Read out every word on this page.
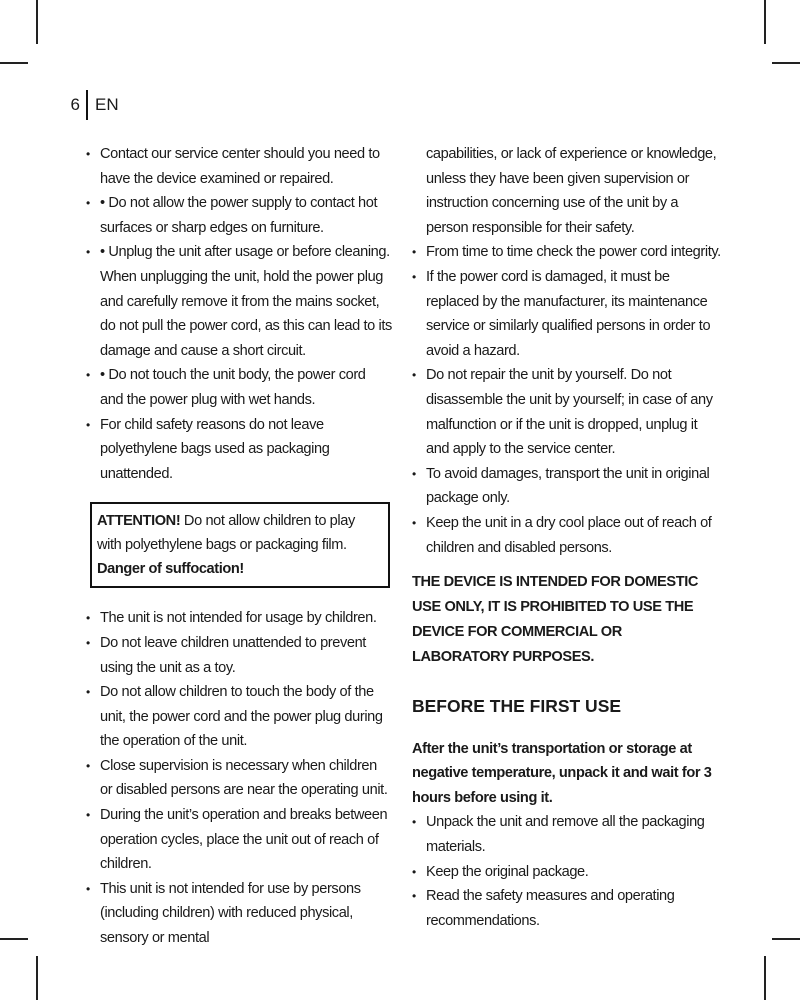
6 EN
• Contact our service center should you need to have the device examined or repaired.
• • Do not allow the power supply to contact hot surfaces or sharp edges on furniture.
• • Unplug the unit after usage or before cleaning. When unplugging the unit, hold the power plug and carefully remove it from the mains socket, do not pull the power cord, as this can lead to its damage and cause a short circuit.
• • Do not touch the unit body, the power cord and the power plug with wet hands.
• For child safety reasons do not leave polyethylene bags used as packaging unattended.
ATTENTION! Do not allow children to play with polyethylene bags or packaging film. Danger of suffocation!
• The unit is not intended for usage by children.
• Do not leave children unattended to prevent using the unit as a toy.
• Do not allow children to touch the body of the unit, the power cord and the power plug during the operation of the unit.
• Close supervision is necessary when children or disabled persons are near the operating unit.
• During the unit’s operation and breaks between operation cycles, place the unit out of reach of children.
• This unit is not intended for use by persons (including children) with reduced physical, sensory or mental
capabilities, or lack of experience or knowledge, unless they have been given supervision or instruction concerning use of the unit by a person responsible for their safety.
• From time to time check the power cord integrity.
• If the power cord is damaged, it must be replaced by the manufacturer, its maintenance service or similarly qualified persons in order to avoid a hazard.
• Do not repair the unit by yourself. Do not disassemble the unit by yourself; in case of any malfunction or if the unit is dropped, unplug it and apply to the service center.
• To avoid damages, transport the unit in original package only.
• Keep the unit in a dry cool place out of reach of children and disabled persons.
THE DEVICE IS INTENDED FOR DOMESTIC USE ONLY, IT IS PROHIBITED TO USE THE DEVICE FOR COMMERCIAL OR LABORATORY PURPOSES.
BEFORE THE FIRST USE
After the unit’s transportation or storage at negative temperature, unpack it and wait for 3 hours before using it.
• Unpack the unit and remove all the packaging materials.
• Keep the original package.
• Read the safety measures and operating recommendations.
